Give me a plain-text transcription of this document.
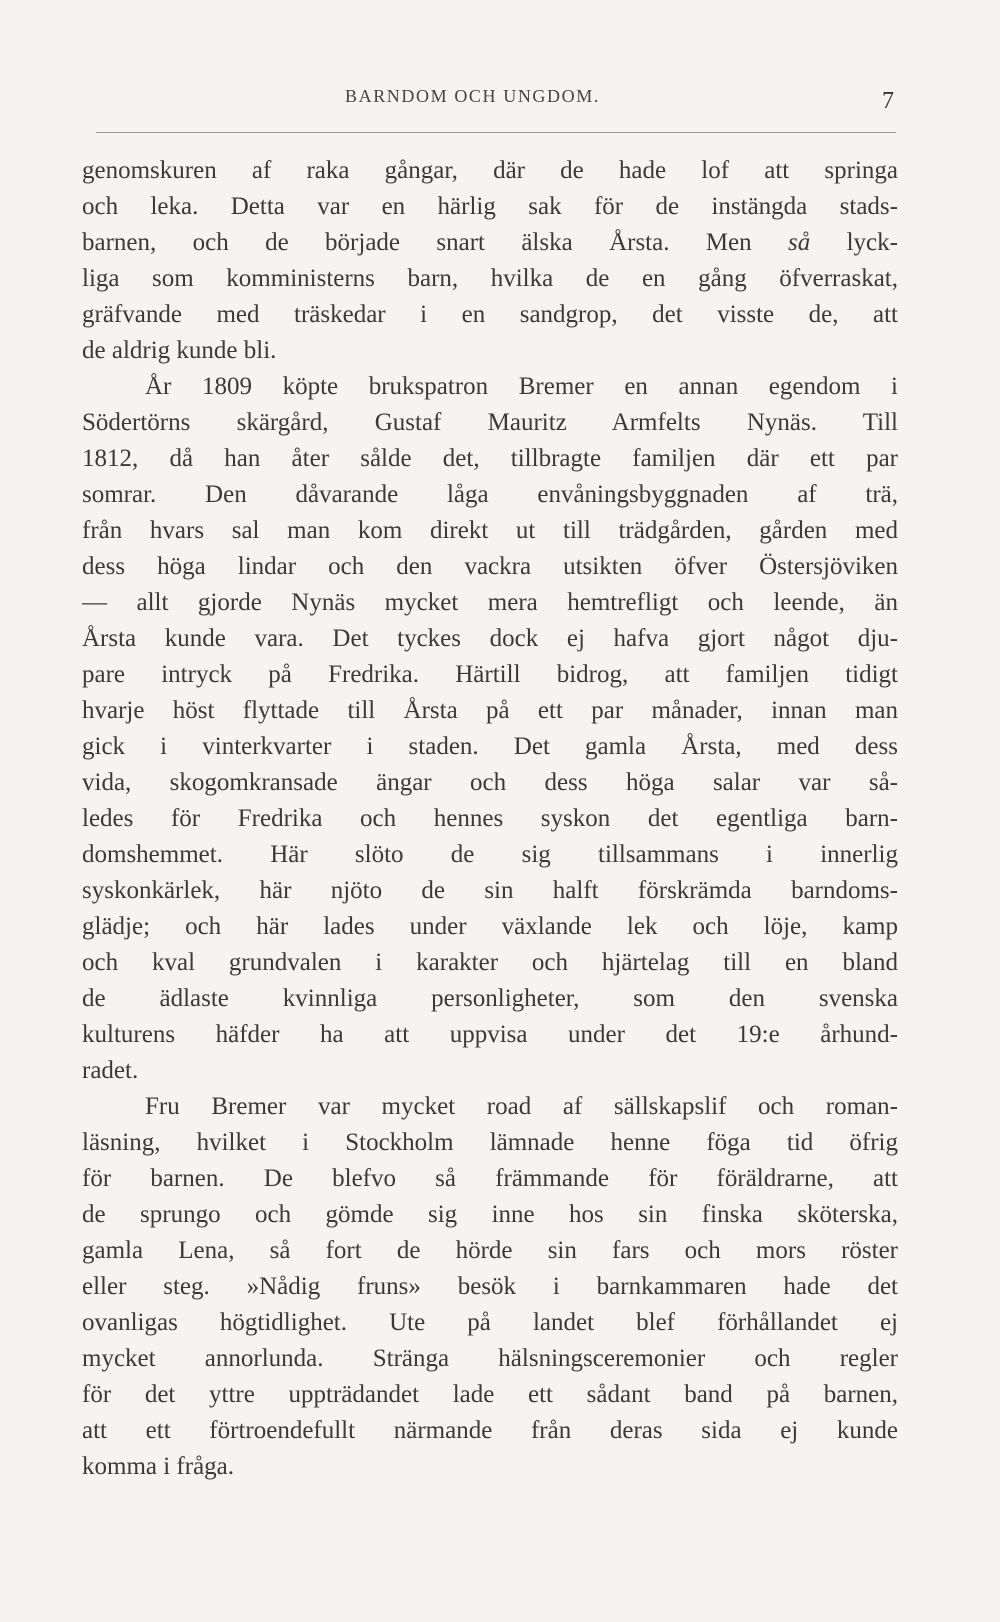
BARNDOM OCH UNGDOM.	7
genomskuren af raka gångar, där de hade lof att springa
och leka. Detta var en härlig sak för de instängda stads-
barnen, och de började snart älska Årsta. Men så lyck-
liga som komministerns barn, hvilka de en gång öfverraskat,
gräfvande med träskedar i en sandgrop, det visste de, att
de aldrig kunde bli.
År 1809 köpte brukspatron Bremer en annan egendom i
Södertörns skärgård, Gustaf Mauritz Armfelts Nynäs. Till
1812, då han åter sålde det, tillbragte familjen där ett par
somrar. Den dåvarande låga envåningsbyggnaden af trä,
från hvars sal man kom direkt ut till trädgården, gården med
dess höga lindar och den vackra utsikten öfver Östersjöviken
— allt gjorde Nynäs mycket mera hemtrefligt och leende, än
Årsta kunde vara. Det tyckes dock ej hafva gjort något dju-
pare intryck på Fredrika. Härtill bidrog, att familjen tidigt
hvarje höst flyttade till Årsta på ett par månader, innan man
gick i vinterkvarter i staden. Det gamla Årsta, med dess
vida, skogomkransade ängar och dess höga salar var så-
ledes för Fredrika och hennes syskon det egentliga barn-
domshemmet. Här slöto de sig tillsammans i innerlig
syskonkärlek, här njöto de sin halft förskrämda barndoms-
glädje; och här lades under växlande lek och löje, kamp
och kval grundvalen i karakter och hjärtelag till en bland
de ädlaste kvinnliga personligheter, som den svenska
kulturens häfder ha att uppvisa under det 19:e århund-
radet.
Fru Bremer var mycket road af sällskapslif och roman-
läsning, hvilket i Stockholm lämnade henne föga tid öfrig
för barnen. De blefvo så främmande för föräldrarne, att
de sprungo och gömde sig inne hos sin finska sköterska,
gamla Lena, så fort de hörde sin fars och mors röster
eller steg. »Nådig fruns» besök i barnkammaren hade det
ovanligas högtidlighet. Ute på landet blef förhållandet ej
mycket annorlunda. Stränga hälsningsceremonier och regler
för det yttre uppträdandet lade ett sådant band på barnen,
att ett förtroendefullt närmande från deras sida ej kunde
komma i fråga.
